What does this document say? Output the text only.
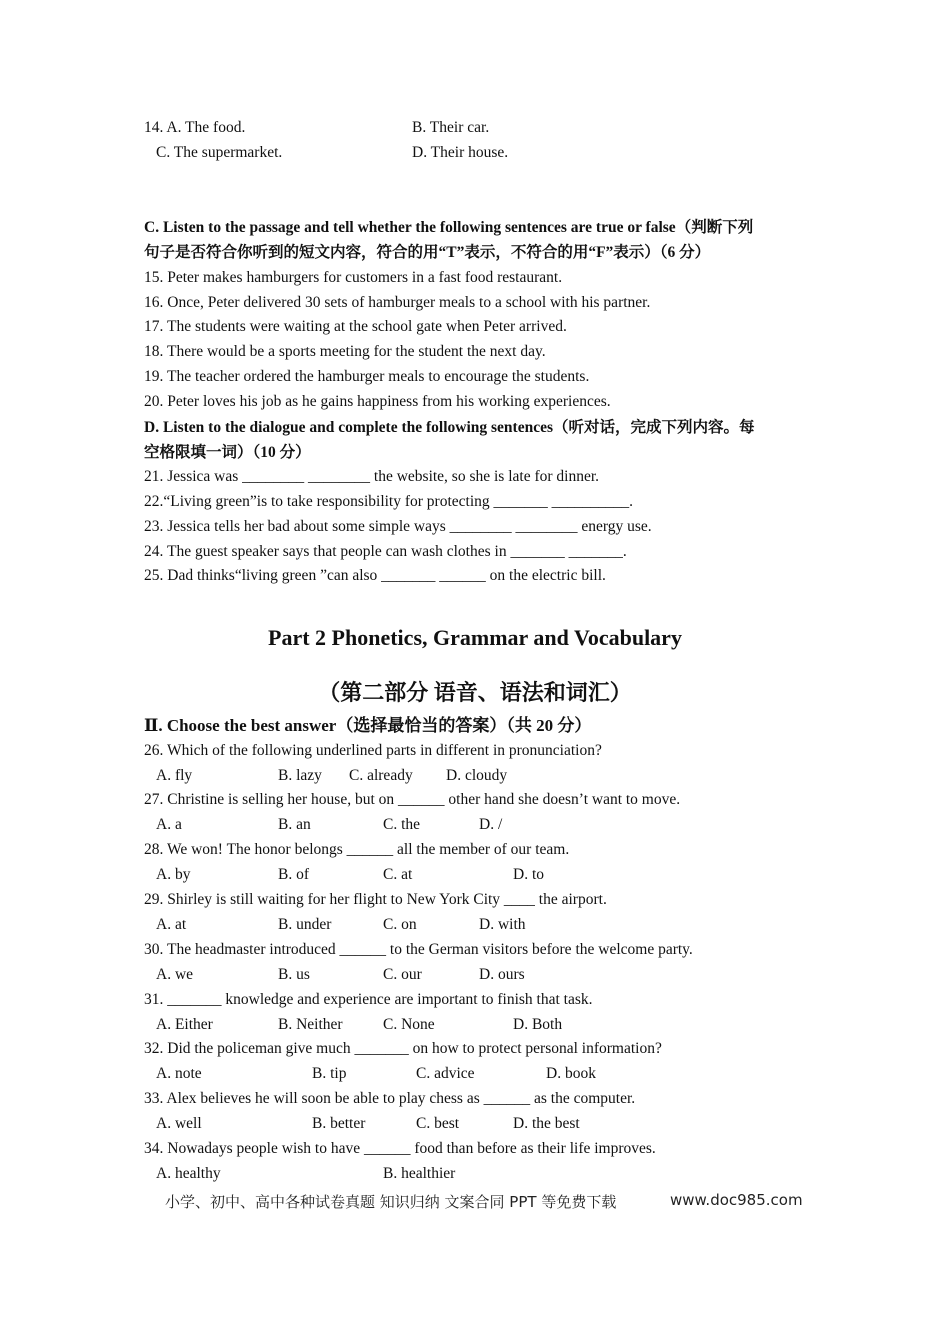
14. A. The food.	B. Their car.
C. The supermarket.	D. Their house.
C. Listen to the passage and tell whether the following sentences are true or false（判断下列
句子是否符合你听到的短文内容，符合的用“T”表示，不符合的用“F”表示）（6 分）
15. Peter makes hamburgers for customers in a fast food restaurant.
16. Once, Peter delivered 30 sets of hamburger meals to a school with his partner.
17. The students were waiting at the school gate when Peter arrived.
18. There would be a sports meeting for the student the next day.
19. The teacher ordered the hamburger meals to encourage the students.
20. Peter loves his job as he gains happiness from his working experiences.
D. Listen to the dialogue and complete the following sentences（听对话，完成下列内容。每
空格限填一词）（10 分）
21. Jessica was ________ ________ the website, so she is late for dinner.
22.“Living green”is to take responsibility for protecting _______ __________.
23. Jessica tells her bad about some simple ways ________ ________ energy use.
24. The guest speaker says that people can wash clothes in _______ _______.
25. Dad thinks“living green ”can also _______ ______ on the electric bill.
Part 2 Phonetics, Grammar and Vocabulary
（第二部分 语音、语法和词汇）
Ⅱ. Choose the best answer（选择最恰当的答案）（共 20 分）
26. Which of the following underlined parts in different in pronunciation?
A. fly	B. lazy C. already D. cloudy
27. Christine is selling her house, but on ______ other hand she doesn’t want to move.
A. a	B. an	C. the	D. /
28. We won! The honor belongs ______ all the member of our team.
A. by	B. of	C. at	D. to
29. Shirley is still waiting for her flight to New York City ____ the airport.
A. at	B. under	C. on	D. with
30. The headmaster introduced ______ to the German visitors before the welcome party.
A. we	B. us	C. our	D. ours
31. _______ knowledge and experience are important to finish that task.
A. Either	B. Neither	C. None	D. Both
32. Did the policeman give much _______ on how to protect personal information?
A. note	B. tip	C. advice	D. book
33. Alex believes he will soon be able to play chess as ______ as the computer.
A. well	B. better	C. best	D. the best
34. Nowadays people wish to have ______ food than before as their life improves.
A. healthy	B. healthier
小学、初中、高中各种试卷真题 知识归纳 文案合同 PPT 等免费下载	www.doc985.com
